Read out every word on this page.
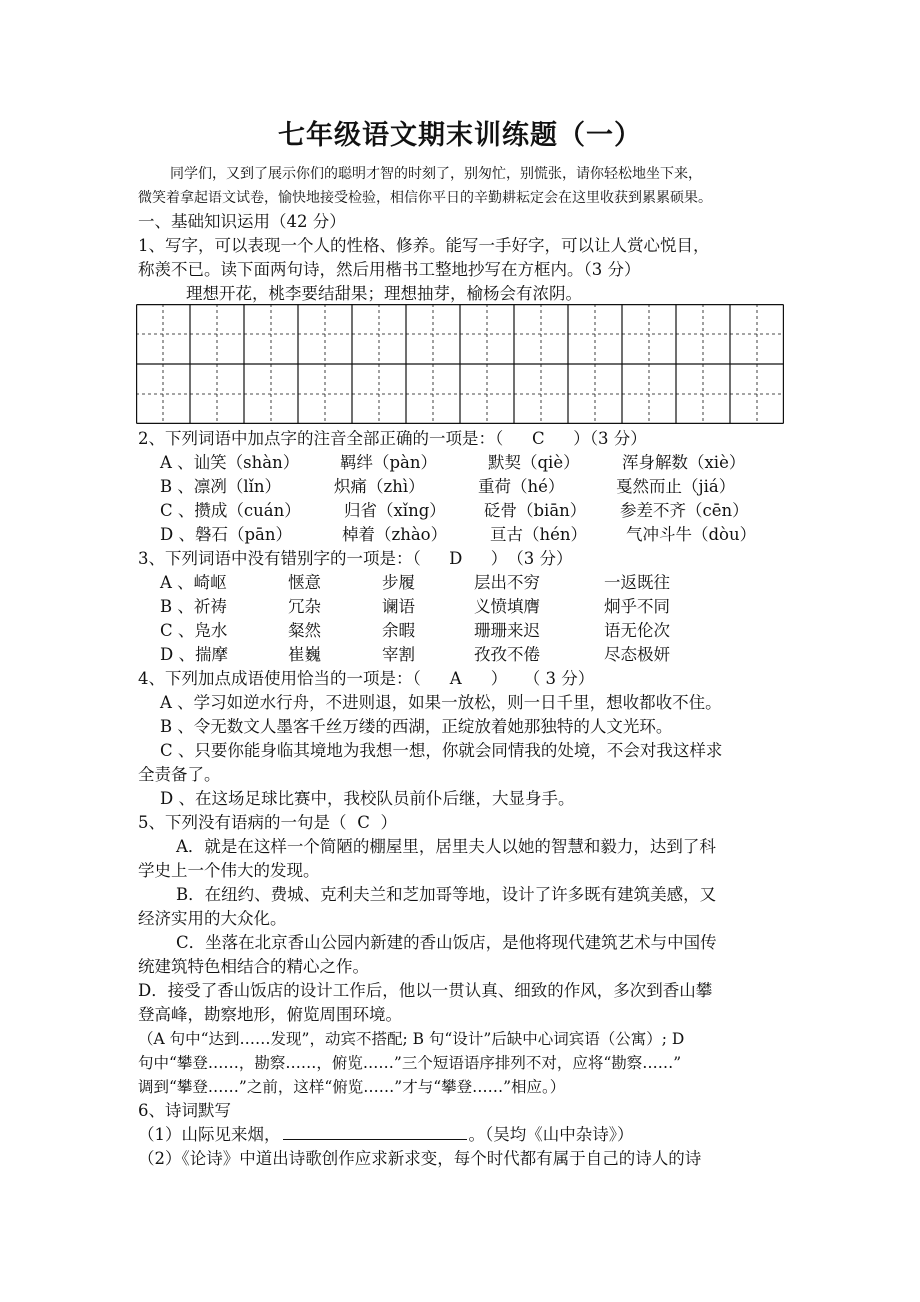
七年级语文期末训练题（一）
同学们，又到了展示你们的聪明才智的时刻了，别匆忙，别慌张，请你轻松地坐下来，
微笑着拿起语文试卷，愉快地接受检验，相信你平日的辛勤耕耘定会在这里收获到累累硕果。
一、基础知识运用（42 分）
1、写字，可以表现一个人的性格、修养。能写一手好字，可以让人赏心悦目，
称羡不已。读下面两句诗，然后用楷书工整地抄写在方框内。（3 分）
理想开花，桃李要结甜果；理想抽芽，榆杨会有浓阴。
2、下列词语中加点字的注音全部正确的一项是：（ C ）（3 分）
A 、讪笑（shàn） 羁绊（pàn）	默契（qiè）	浑身解数（xiè）
B 、凛冽（lǐn）	炽痛（zhì）	重荷（hé）	戛然而止（jiá）
C 、攒成（cuán）	归省（xǐng） 砭骨（biān） 参差不齐（cēn）
D 、磐石（pān）	棹着（zhào）	亘古（hén） 气冲斗牛（dòu）
3、下列词语中没有错别字的一项是：（ D ）　（3 分）
A 、崎岖	惬意	步履	层出不穷	一返既往
B 、祈祷	冗杂	谰语	义愤填膺	炯乎不同
C 、凫水	粲然	余暇	珊珊来迟	语无伦次
D 、揣摩	崔巍	宰割	孜孜不倦	尽态极妍
4、下列加点成语使用恰当的一项是：（ A ）　　（ 3 分）
A 、学习如逆水行舟，不进则退，如果一放松，则一日千里，想收都收不住。
B 、令无数文人墨客千丝万缕的西湖，正绽放着她那独特的人文光环。
C 、只要你能身临其境地为我想一想，你就会同情我的处境，不会对我这样求
全责备了。
D 、在这场足球比赛中，我校队员前仆后继，大显身手。
5、下列没有语病的一句是（ C ）
A．就是在这样一个简陋的棚屋里，居里夫人以她的智慧和毅力，达到了科
学史上一个伟大的发现。
B．在纽约、费城、克利夫兰和芝加哥等地，设计了许多既有建筑美感，又
经济实用的大众化。
C．坐落在北京香山公园内新建的香山饭店，是他将现代建筑艺术与中国传
统建筑特色相结合的精心之作。
D．接受了香山饭店的设计工作后，他以一贯认真、细致的作风，多次到香山攀
登高峰，勘察地形，俯览周围环境。
（A 句中“达到……发现”，动宾不搭配; B 句“设计”后缺中心词宾语（公寓）; D
句中“攀登……，勘察……，俯览……”三个短语语序排列不对，应将“勘察……”
调到“攀登……”之前，这样“俯览……”才与“攀登……”相应。）
6、诗词默写
（1）山际见来烟，	。（吴均《山中杂诗》）
（2）《论诗》中道出诗歌创作应求新求变，每个时代都有属于自己的诗人的诗
